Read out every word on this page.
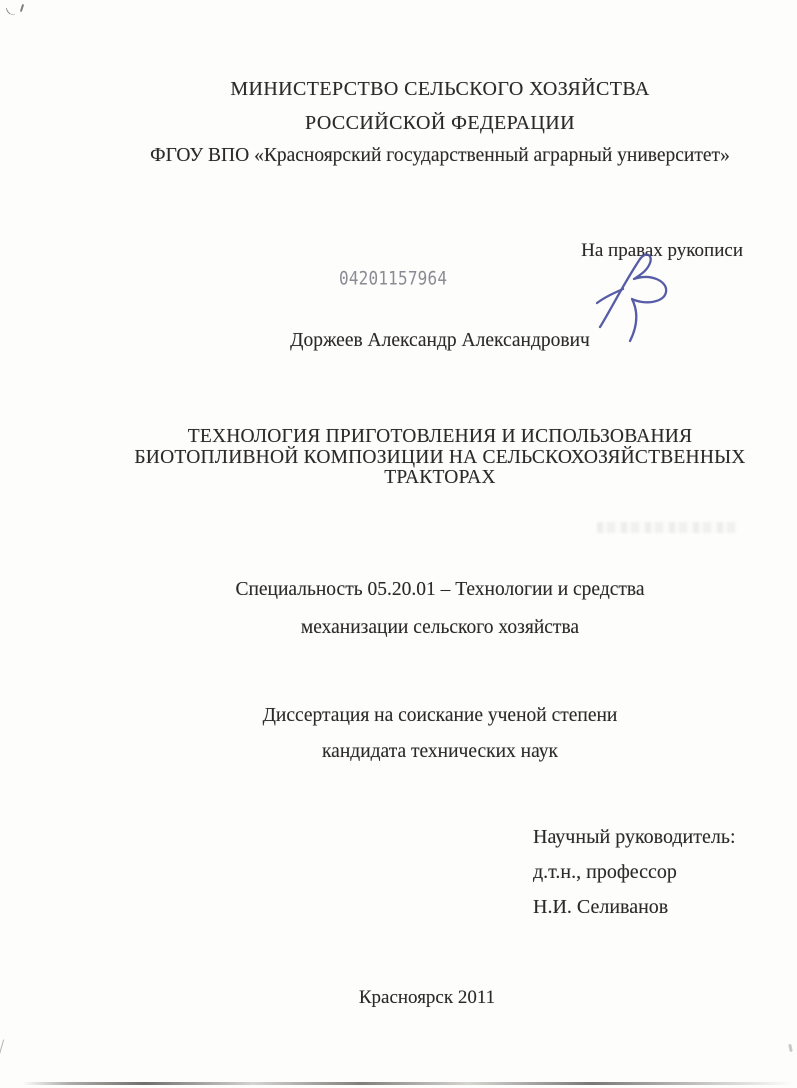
МИНИСТЕРСТВО СЕЛЬСКОГО ХОЗЯЙСТВА
РОССИЙСКОЙ ФЕДЕРАЦИИ
ФГОУ ВПО «Красноярский государственный аграрный университет»
На правах рукописи
04201157964
Доржеев Александр Александрович
ТЕХНОЛОГИЯ ПРИГОТОВЛЕНИЯ И ИСПОЛЬЗОВАНИЯ
БИОТОПЛИВНОЙ КОМПОЗИЦИИ НА СЕЛЬСКОХОЗЯЙСТВЕННЫХ
ТРАКТОРАХ
Специальность 05.20.01 – Технологии и средства
механизации сельского хозяйства
Диссертация на соискание ученой степени
кандидата технических наук
Научный руководитель:
д.т.н., профессор
Н.И. Селиванов
Красноярск 2011
